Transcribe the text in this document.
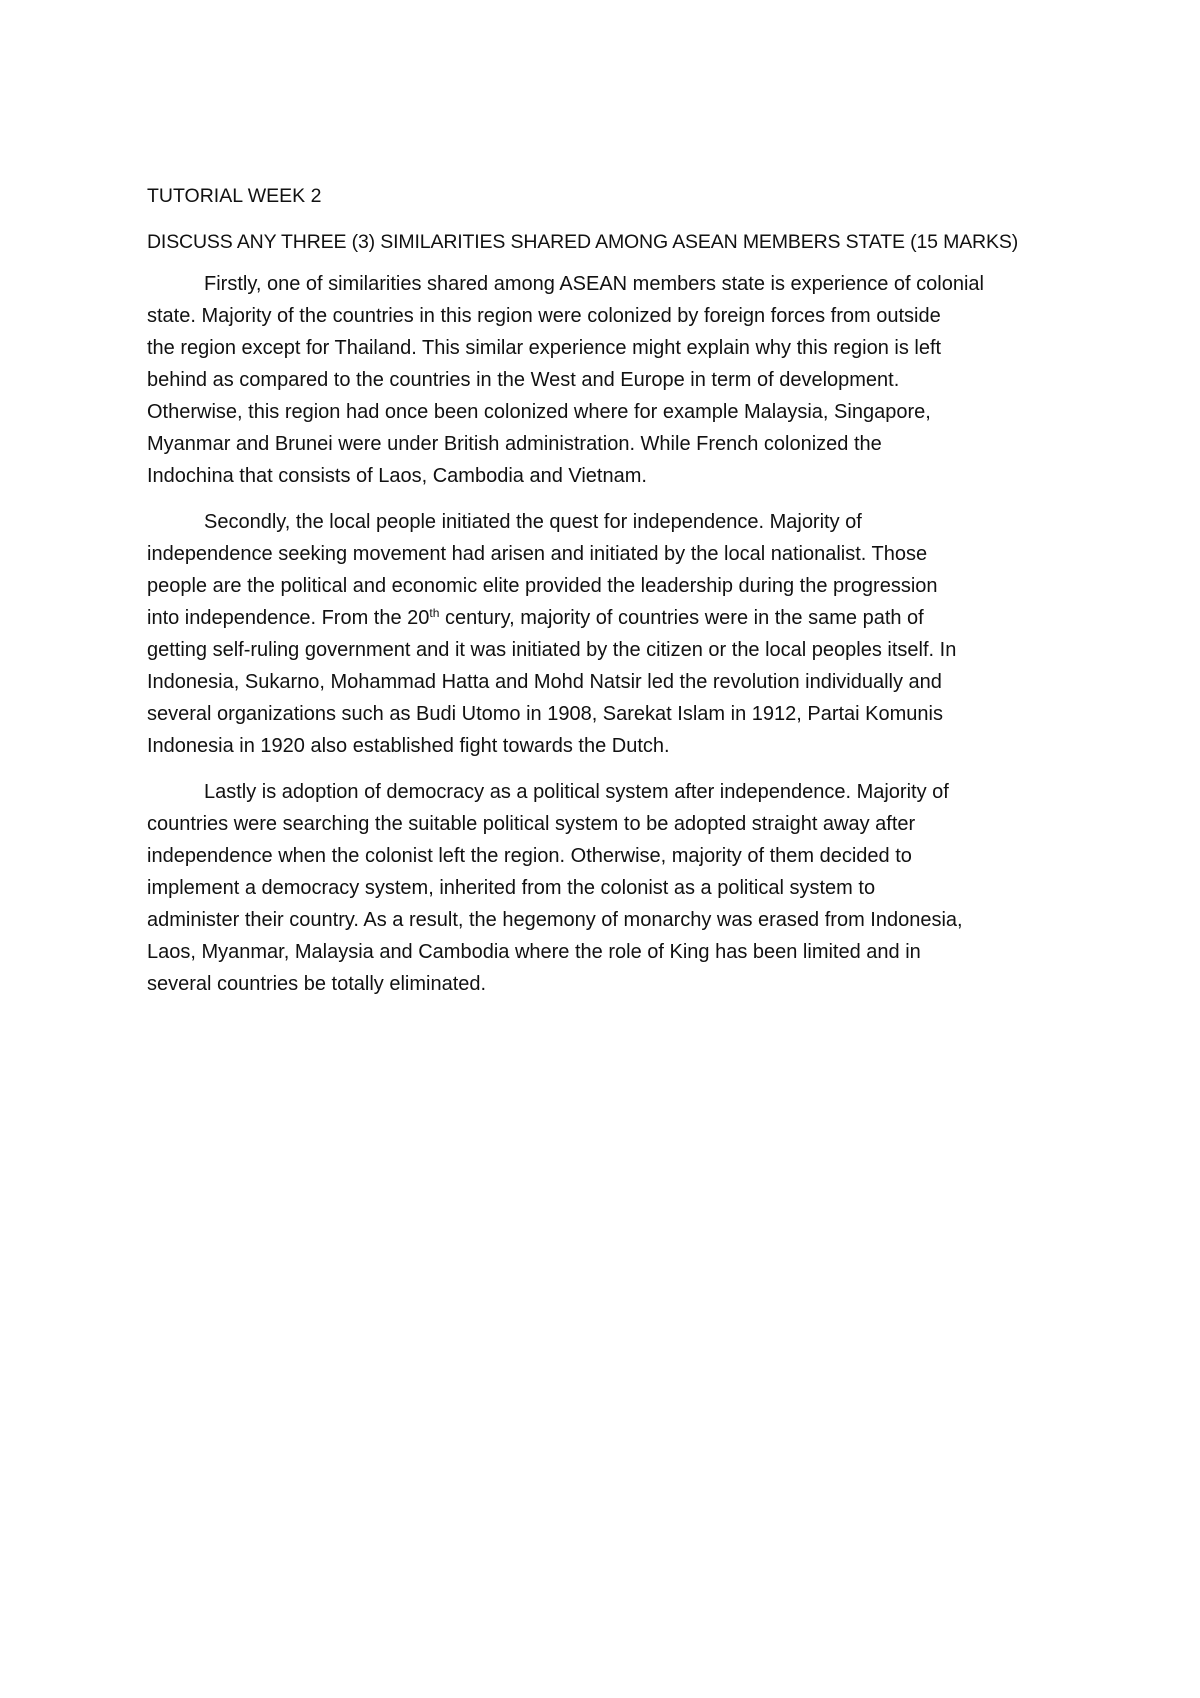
TUTORIAL WEEK 2
DISCUSS ANY THREE (3) SIMILARITIES SHARED AMONG ASEAN MEMBERS STATE (15 MARKS)
Firstly, one of similarities shared among ASEAN members state is experience of colonial
state. Majority of the countries in this region were colonized by foreign forces from outside
the region except for Thailand. This similar experience might explain why this region is left
behind as compared to the countries in the West and Europe in term of development.
Otherwise, this region had once been colonized where for example Malaysia, Singapore,
Myanmar and Brunei were under British administration. While French colonized the
Indochina that consists of Laos, Cambodia and Vietnam.
Secondly, the local people initiated the quest for independence. Majority of
independence seeking movement had arisen and initiated by the local nationalist. Those
people are the political and economic elite provided the leadership during the progression
into independence. From the 20th century, majority of countries were in the same path of
getting self-ruling government and it was initiated by the citizen or the local peoples itself. In
Indonesia, Sukarno, Mohammad Hatta and Mohd Natsir led the revolution individually and
several organizations such as Budi Utomo in 1908, Sarekat Islam in 1912, Partai Komunis
Indonesia in 1920 also established fight towards the Dutch.
Lastly is adoption of democracy as a political system after independence. Majority of
countries were searching the suitable political system to be adopted straight away after
independence when the colonist left the region. Otherwise, majority of them decided to
implement a democracy system, inherited from the colonist as a political system to
administer their country. As a result, the hegemony of monarchy was erased from Indonesia,
Laos, Myanmar, Malaysia and Cambodia where the role of King has been limited and in
several countries be totally eliminated.
